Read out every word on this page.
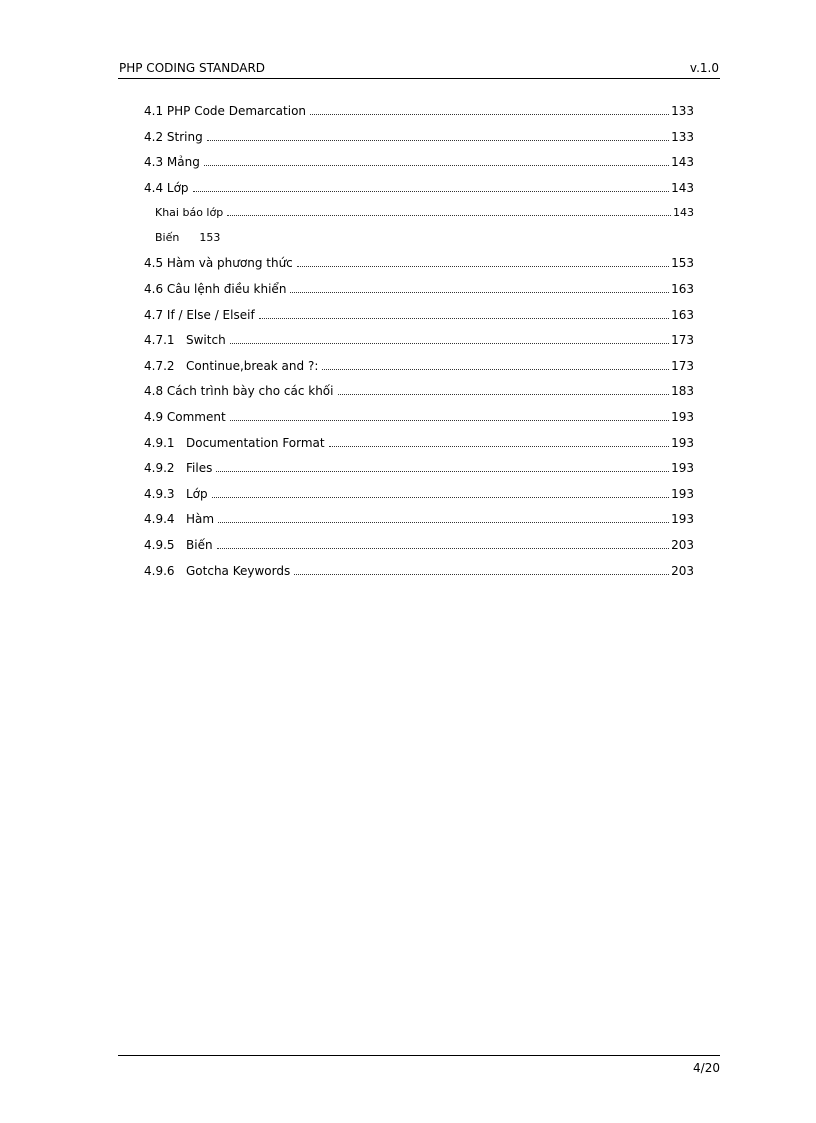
PHP CODING STANDARD	v.1.0
4.1 PHP Code Demarcation	133
4.2 String	133
4.3 Mảng	143
4.4 Lớp	143
Khai báo lớp	143
Biến 153
4.5 Hàm và phương thức	153
4.6 Câu lệnh điều khiển	163
4.7 If / Else / Elseif	163
4.7.1 Switch	173
4.7.2 Continue,break and ?:	173
4.8 Cách trình bày cho các khối	183
4.9 Comment	193
4.9.1 Documentation Format	193
4.9.2 Files	193
4.9.3 Lớp	193
4.9.4 Hàm	193
4.9.5 Biến	203
4.9.6 Gotcha Keywords	203
4/20
